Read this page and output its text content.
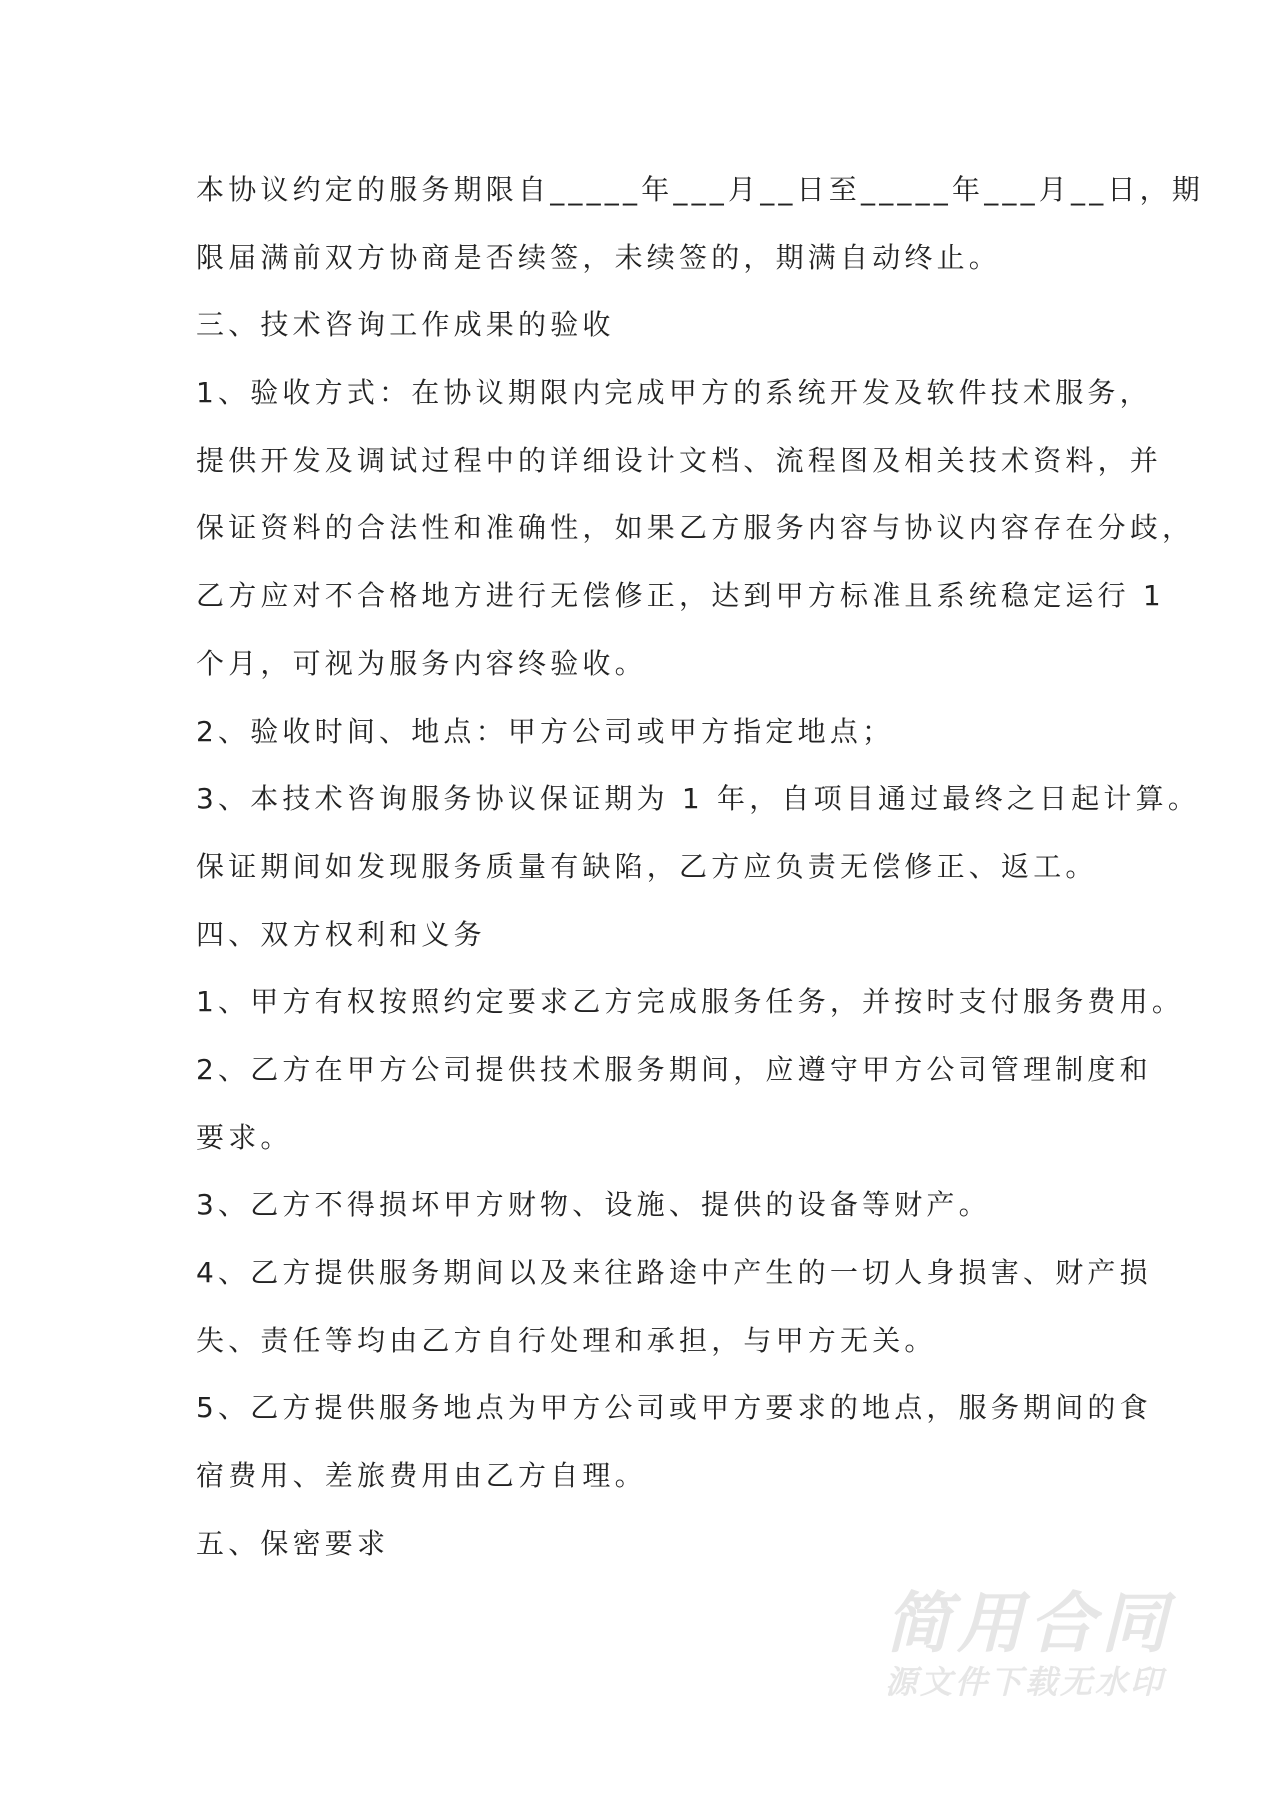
本协议约定的服务期限自_____年___月__日至_____年___月__日，期
限届满前双方协商是否续签，未续签的，期满自动终止。
三、技术咨询工作成果的验收
1、验收方式：在协议期限内完成甲方的系统开发及软件技术服务，
提供开发及调试过程中的详细设计文档、流程图及相关技术资料，并
保证资料的合法性和准确性，如果乙方服务内容与协议内容存在分歧，
乙方应对不合格地方进行无偿修正，达到甲方标准且系统稳定运行 1
个月，可视为服务内容终验收。
2、验收时间、地点：甲方公司或甲方指定地点；
3、本技术咨询服务协议保证期为 1 年，自项目通过最终之日起计算。
保证期间如发现服务质量有缺陷，乙方应负责无偿修正、返工。
四、双方权利和义务
1、甲方有权按照约定要求乙方完成服务任务，并按时支付服务费用。
2、乙方在甲方公司提供技术服务期间，应遵守甲方公司管理制度和
要求。
3、乙方不得损坏甲方财物、设施、提供的设备等财产。
4、乙方提供服务期间以及来往路途中产生的一切人身损害、财产损
失、责任等均由乙方自行处理和承担，与甲方无关。
5、乙方提供服务地点为甲方公司或甲方要求的地点，服务期间的食
宿费用、差旅费用由乙方自理。
五、保密要求
简用合同
源文件下载无水印
